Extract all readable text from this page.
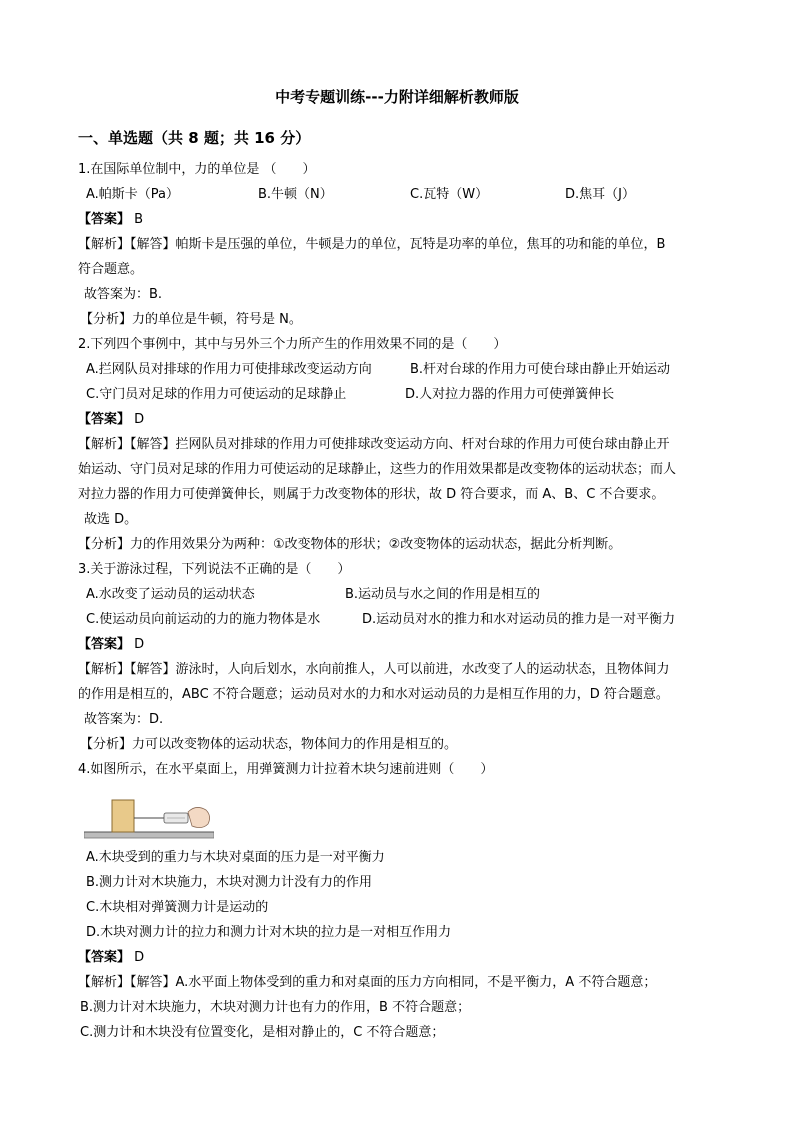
中考专题训练---力附详细解析教师版
一、单选题（共 8 题；共 16 分）
1.在国际单位制中，力的单位是 （　　）
A.帕斯卡（Pa）	B.牛顿（N）	C.瓦特（W）	D.焦耳（J）
【答案】 B
【解析】【解答】帕斯卡是压强的单位，牛顿是力的单位，瓦特是功率的单位，焦耳的功和能的单位，B
符合题意。
故答案为：B.
【分析】力的单位是牛顿，符号是 N。
2.下列四个事例中，其中与另外三个力所产生的作用效果不同的是（　　）
A.拦网队员对排球的作用力可使排球改变运动方向	B.杆对台球的作用力可使台球由静止开始运动
C.守门员对足球的作用力可使运动的足球静止	D.人对拉力器的作用力可使弹簧伸长
【答案】 D
【解析】【解答】拦网队员对排球的作用力可使排球改变运动方向、杆对台球的作用力可使台球由静止开
始运动、守门员对足球的作用力可使运动的足球静止，这些力的作用效果都是改变物体的运动状态；而人
对拉力器的作用力可使弹簧伸长，则属于力改变物体的形状，故 D 符合要求，而 A、B、C 不合要求。
故选 D。
【分析】力的作用效果分为两种：①改变物体的形状；②改变物体的运动状态，据此分析判断。
3.关于游泳过程，下列说法不正确的是（　　）
A.水改变了运动员的运动状态	B.运动员与水之间的作用是相互的
C.使运动员向前运动的力的施力物体是水	D.运动员对水的推力和水对运动员的推力是一对平衡力
【答案】 D
【解析】【解答】游泳时，人向后划水，水向前推人，人可以前进，水改变了人的运动状态，且物体间力
的作用是相互的，ABC 不符合题意；运动员对水的力和水对运动员的力是相互作用的力，D 符合题意。
故答案为：D.
【分析】力可以改变物体的运动状态，物体间力的作用是相互的。
4.如图所示，在水平桌面上，用弹簧测力计拉着木块匀速前进则（　　）
A.木块受到的重力与木块对桌面的压力是一对平衡力
B.测力计对木块施力，木块对测力计没有力的作用
C.木块相对弹簧测力计是运动的
D.木块对测力计的拉力和测力计对木块的拉力是一对相互作用力
【答案】 D
【解析】【解答】A.水平面上物体受到的重力和对桌面的压力方向相同，不是平衡力，A 不符合题意；
B.测力计对木块施力，木块对测力计也有力的作用，B 不符合题意；
C.测力计和木块没有位置变化，是相对静止的，C 不符合题意；
